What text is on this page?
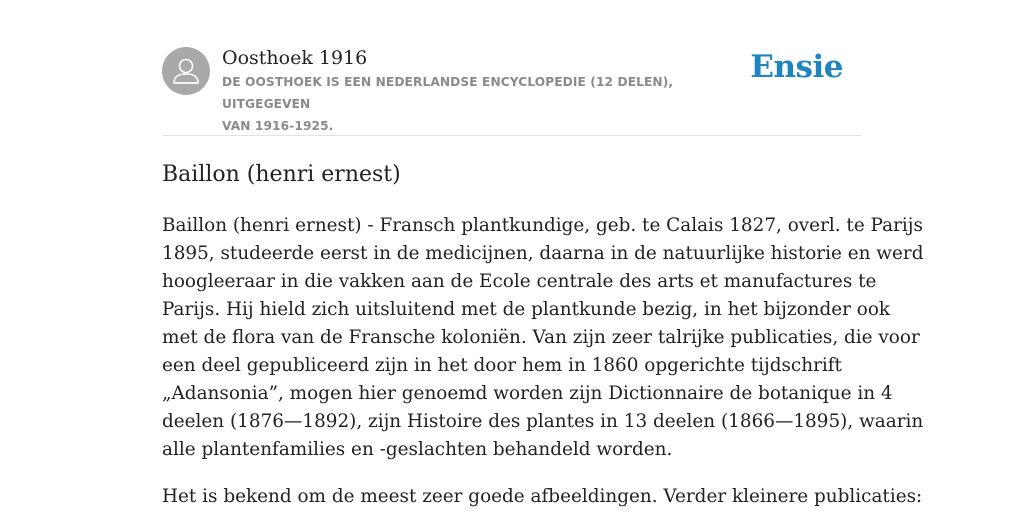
Oosthoek 1916
DE OOSTHOEK IS EEN NEDERLANDSE ENCYCLOPEDIE (12 DELEN), UITGEGEVEN
VAN 1916-1925.
Ensie
Baillon (henri ernest)

Baillon (henri ernest) - Fransch plantkundige, geb. te Calais 1827, overl. te Parijs

1895, studeerde eerst in de medicijnen, daarna in de natuurlijke historie en werd

hoogleeraar in die vakken aan de Ecole centrale des arts et manufactures te

Parijs. Hij hield zich uitsluitend met de plantkunde bezig, in het bijzonder ook

met de flora van de Fransche koloniën. Van zijn zeer talrijke publicaties, die voor

een deel gepubliceerd zijn in het door hem in 1860 opgerichte tijdschrift

„Adansonia”, mogen hier genoemd worden zijn Dictionnaire de botanique in 4

deelen (1876—1892), zijn Histoire des plantes in 13 deelen (1866—1895), waarin

alle plantenfamilies en -geslachten behandeld worden.

Het is bekend om de meest zeer goede afbeeldingen. Verder kleinere publicaties:
